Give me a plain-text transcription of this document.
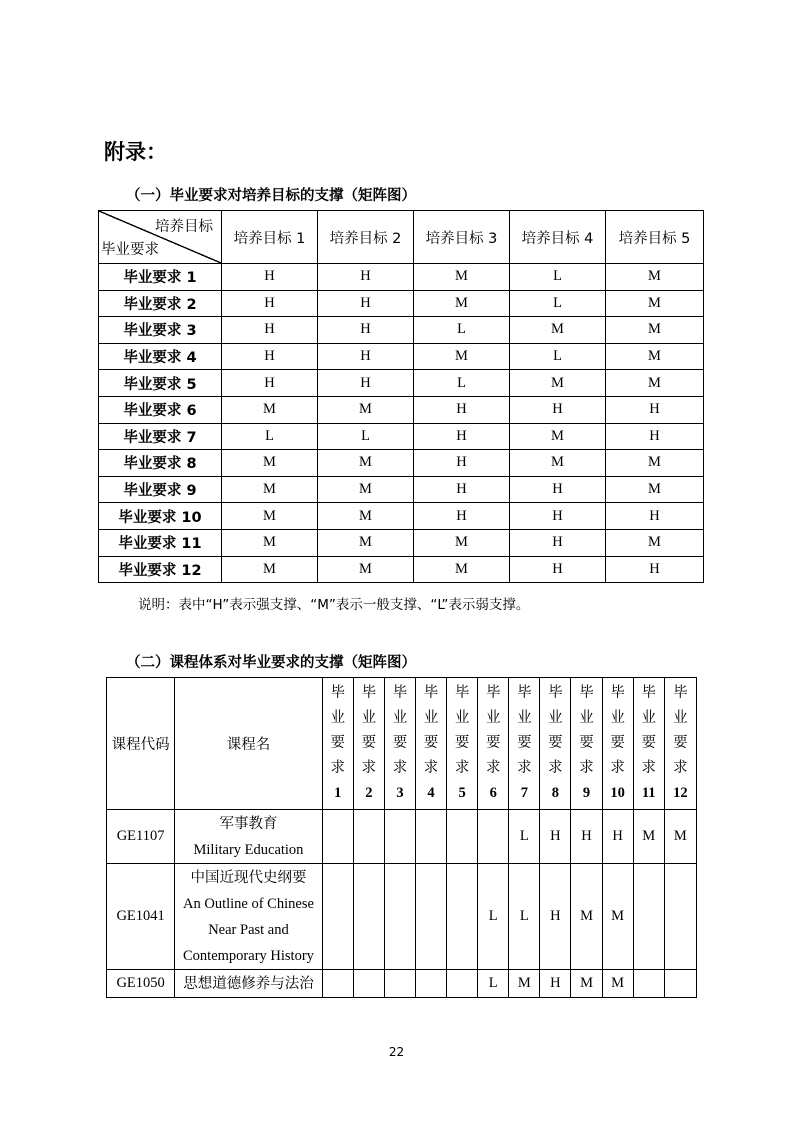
附录：
（一）毕业要求对培养目标的支撑（矩阵图）
培养目标
毕业要求	培养目标 1	培养目标 2	培养目标 3	培养目标 4	培养目标 5
毕业要求 1	H	H	M	L	M
毕业要求 2	H	H	M	L	M
毕业要求 3	H	H	L	M	M
毕业要求 4	H	H	M	L	M
毕业要求 5	H	H	L	M	M
毕业要求 6	M	M	H	H	H
毕业要求 7	L	L	H	M	H
毕业要求 8	M	M	H	M	M
毕业要求 9	M	M	H	H	M
毕业要求 10	M	M	H	H	H
毕业要求 11	M	M	M	H	M
毕业要求 12	M	M	M	H	H
说明：表中“H”表示强支撑、“M”表示一般支撑、“L”表示弱支撑。
（二）课程体系对毕业要求的支撑（矩阵图）
课程代码	课程名	毕
业
要
求
1	毕
业
要
求
2	毕
业
要
求
3	毕
业
要
求
4	毕
业
要
求
5	毕
业
要
求
6	毕
业
要
求
7	毕
业
要
求
8	毕
业
要
求
9	毕
业
要
求
10	毕
业
要
求
11	毕
业
要
求
12

GE1107	军事教育
Military Education							L	H	H	H	M	M
GE1041	中国近现代史纲要
An Outline of Chinese
Near Past and
Contemporary History						L	L	H	M	M		
GE1050	思想道德修养与法治						L	M	H	M	M		
22
